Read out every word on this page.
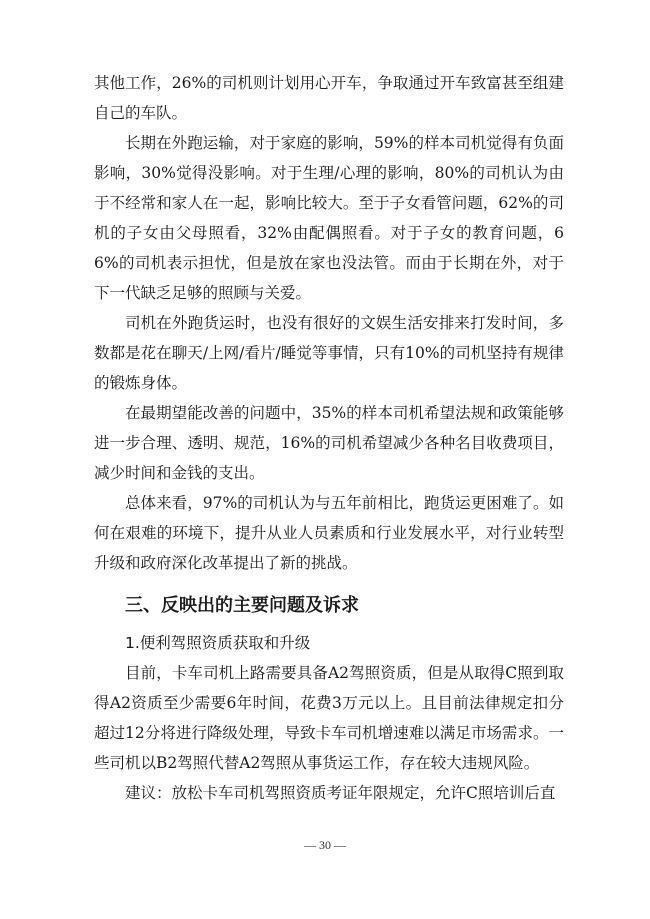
其他工作，26%的司机则计划用心开车，争取通过开车致富甚至组建自己的车队。

长期在外跑运输，对于家庭的影响，59%的样本司机觉得有负面影响，30%觉得没影响。对于生理/心理的影响，80%的司机认为由于不经常和家人在一起，影响比较大。至于子女看管问题，62%的司机的子女由父母照看，32%由配偶照看。对于子女的教育问题，66%的司机表示担忧，但是放在家也没法管。而由于长期在外，对于下一代缺乏足够的照顾与关爱。

司机在外跑货运时，也没有很好的文娱生活安排来打发时间，多数都是花在聊天/上网/看片/睡觉等事情，只有10%的司机坚持有规律的锻炼身体。

在最期望能改善的问题中，35%的样本司机希望法规和政策能够进一步合理、透明、规范，16%的司机希望减少各种名目收费项目，减少时间和金钱的支出。

总体来看，97%的司机认为与五年前相比，跑货运更困难了。如何在艰难的环境下，提升从业人员素质和行业发展水平，对行业转型升级和政府深化改革提出了新的挑战。

三、反映出的主要问题及诉求
1.便利驾照资质获取和升级

目前，卡车司机上路需要具备A2驾照资质，但是从取得C照到取得A2资质至少需要6年时间，花费3万元以上。且目前法律规定扣分超过12分将进行降级处理，导致卡车司机增速难以满足市场需求。一些司机以B2驾照代替A2驾照从事货运工作，存在较大违规风险。

建议：放松卡车司机驾照资质考证年限规定，允许C照培训后直

— 30 —
